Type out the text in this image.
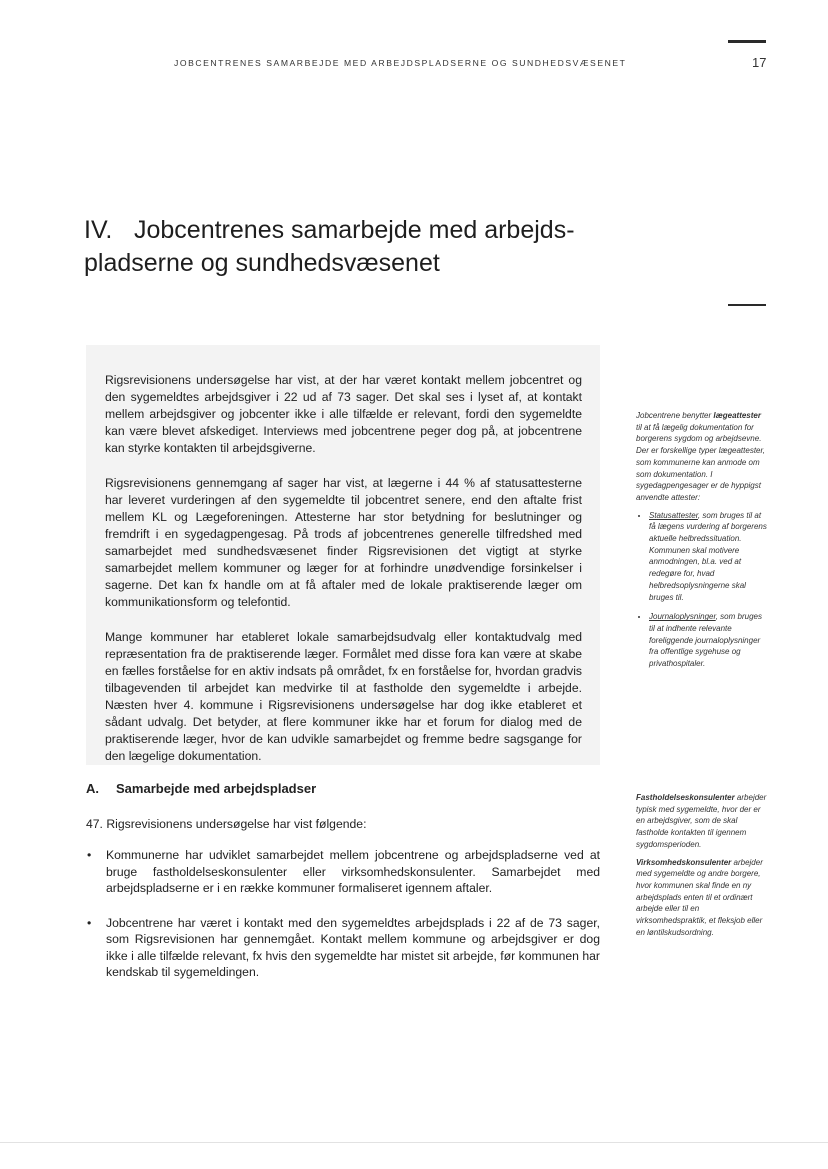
JOBCENTRENES SAMARBEJDE MED ARBEJDSPLADSERNE OG SUNDHEDSVÆSENET	17
IV. Jobcentrenes samarbejde med arbejds-
pladserne og sundhedsvæsenet

Rigsrevisionens undersøgelse har vist, at der har været kontakt mellem jobcentret og den sygemeldtes arbejdsgiver i 22 ud af 73 sager. Det skal ses i lyset af, at kontakt mellem arbejdsgiver og jobcenter ikke i alle tilfælde er relevant, fordi den sygemeldte kan være blevet afskediget. Interviews med jobcentrene peger dog på, at jobcentrene kan styrke kontakten til arbejdsgiverne.

Rigsrevisionens gennemgang af sager har vist, at lægerne i 44 % af statusattesterne har leveret vurderingen af den sygemeldte til jobcentret senere, end den aftalte frist mellem KL og Lægeforeningen. Attesterne har stor betydning for beslutninger og fremdrift i en sygedagpengesag. På trods af jobcentrenes generelle tilfredshed med samarbejdet med sundhedsvæsenet finder Rigsrevisionen det vigtigt at styrke samarbejdet mellem kommuner og læger for at forhindre unødvendige forsinkelser i sagerne. Det kan fx handle om at få aftaler med de lokale praktiserende læger om kommunikationsform og telefontid.

Mange kommuner har etableret lokale samarbejdsudvalg eller kontaktudvalg med repræsentation fra de praktiserende læger. Formålet med disse fora kan være at skabe en fælles forståelse for en aktiv indsats på området, fx en forståelse for, hvordan gradvis tilbagevenden til arbejdet kan medvirke til at fastholde den sygemeldte i arbejde. Næsten hver 4. kommune i Rigsrevisionens undersøgelse har dog ikke etableret et sådant udvalg. Det betyder, at flere kommuner ikke har et forum for dialog med de praktiserende læger, hvor de kan udvikle samarbejdet og fremme bedre sagsgange for den lægelige dokumentation.

Jobcentrene benytter lægeattester til at få lægelig dokumentation for borgerens sygdom og arbejdsevne. Der er forskellige typer lægeattester, som kommunerne kan anmode om som dokumentation. I sygedagpengesager er de hyppigst anvendte attester:

• Statusattester, som bruges til at få lægens vurdering af borgerens aktuelle helbredssituation. Kommunen skal motivere anmodningen, bl.a. ved at redegøre for, hvad helbredsoplysningerne skal bruges til.
• Journaloplysninger, som bruges til at indhente relevante foreliggende journaloplysninger fra offentlige sygehuse og privathospitaler.

Fastholdelseskonsulenter arbejder typisk med sygemeldte, hvor der er en arbejdsgiver, som de skal fastholde kontakten til igennem sygdomsperioden.

Virksomhedskonsulenter arbejder med sygemeldte og andre borgere, hvor kommunen skal finde en ny arbejdsplads enten til et ordinært arbejde eller til en virksomhedspraktik, et fleksjob eller en løntilskudsordning.

A. Samarbejde med arbejdspladser

47. Rigsrevisionens undersøgelse har vist følgende:

• Kommunerne har udviklet samarbejdet mellem jobcentrene og arbejdspladserne ved at bruge fastholdelseskonsulenter eller virksomhedskonsulenter. Samarbejdet med arbejdspladserne er i en række kommuner formaliseret igennem aftaler.
• Jobcentrene har været i kontakt med den sygemeldtes arbejdsplads i 22 af de 73 sager, som Rigsrevisionen har gennemgået. Kontakt mellem kommune og arbejdsgiver er dog ikke i alle tilfælde relevant, fx hvis den sygemeldte har mistet sit arbejde, før kommunen har kendskab til sygemeldingen.
